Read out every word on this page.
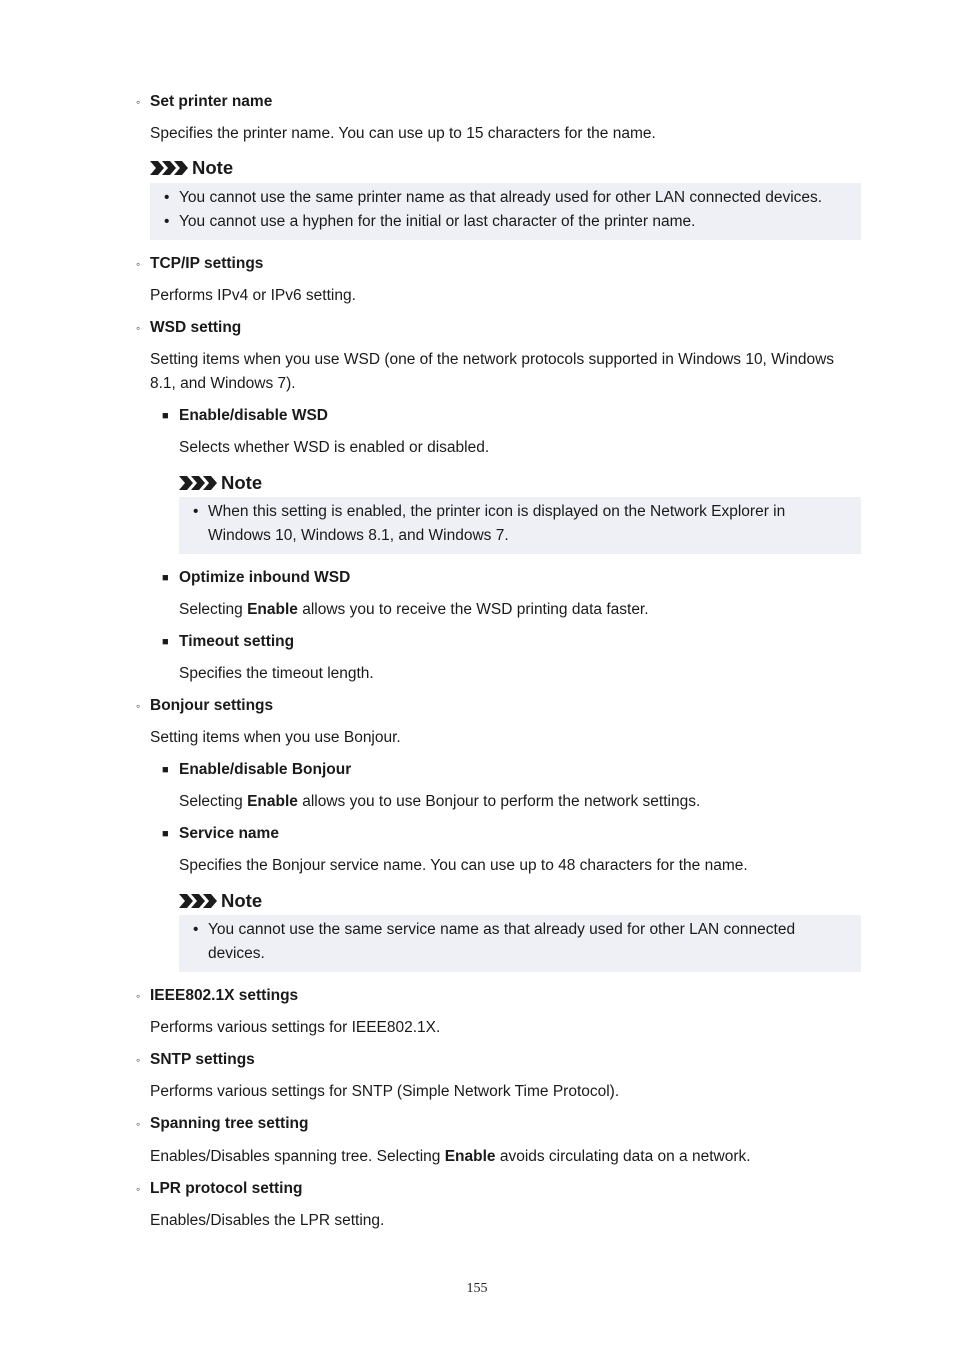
◦ Set printer name
Specifies the printer name. You can use up to 15 characters for the name.
Note
• You cannot use the same printer name as that already used for other LAN connected devices.
• You cannot use a hyphen for the initial or last character of the printer name.
◦ TCP/IP settings
Performs IPv4 or IPv6 setting.
◦ WSD setting
Setting items when you use WSD (one of the network protocols supported in Windows 10, Windows 8.1, and Windows 7).
■ Enable/disable WSD
Selects whether WSD is enabled or disabled.
Note
• When this setting is enabled, the printer icon is displayed on the Network Explorer in Windows 10, Windows 8.1, and Windows 7.
■ Optimize inbound WSD
Selecting Enable allows you to receive the WSD printing data faster.
■ Timeout setting
Specifies the timeout length.
◦ Bonjour settings
Setting items when you use Bonjour.
■ Enable/disable Bonjour
Selecting Enable allows you to use Bonjour to perform the network settings.
■ Service name
Specifies the Bonjour service name. You can use up to 48 characters for the name.
Note
• You cannot use the same service name as that already used for other LAN connected devices.
◦ IEEE802.1X settings
Performs various settings for IEEE802.1X.
◦ SNTP settings
Performs various settings for SNTP (Simple Network Time Protocol).
◦ Spanning tree setting
Enables/Disables spanning tree. Selecting Enable avoids circulating data on a network.
◦ LPR protocol setting
Enables/Disables the LPR setting.
155
